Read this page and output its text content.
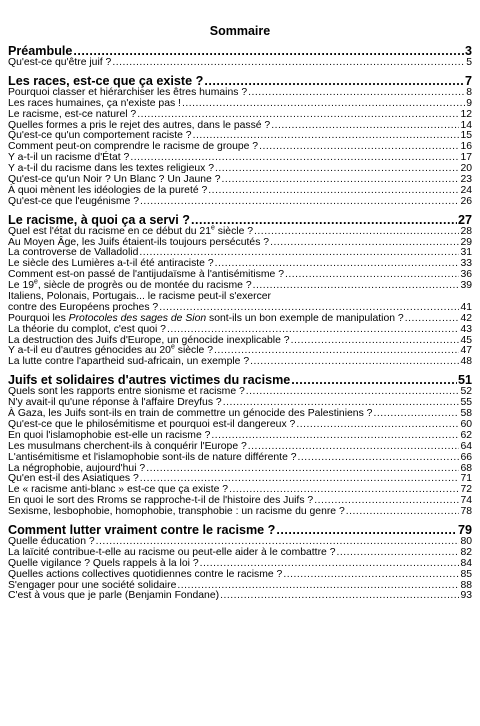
Sommaire
Préambule .....	3
Qu'est-ce qu'être juif ? .....	5
Les races, est-ce que ça existe ? .....	7
Pourquoi classer et hiérarchiser les êtres humains ? .....	8
Les races humaines, ça n'existe pas ! .....	9
Le racisme, est-ce naturel ? .....	12
Quelles formes a pris le rejet des autres, dans le passé ? .....	14
Qu'est-ce qu'un comportement raciste ? .....	15
Comment peut-on comprendre le racisme de groupe ? .....	16
Y a-t-il un racisme d'État ? .....	17
Y a-t-il du racisme dans les textes religieux ? .....	20
Qu'est-ce qu'un Noir ? Un Blanc ? Un Jaune ? .....	23
À quoi mènent les idéologies de la pureté ? .....	24
Qu'est-ce que l'eugénisme ? .....	26
Le racisme, à quoi ça a servi ? .....	27
Quel est l'état du racisme en ce début du 21e siècle ? .....	28
Au Moyen Âge, les Juifs étaient-ils toujours persécutés ? .....	29
La controverse de Valladolid .....	31
Le siècle des Lumières a-t-il été antiraciste ? .....	33
Comment est-on passé de l'antijudaïsme à l'antisémitisme ? .....	36
Le 19e, siècle de progrès ou de montée du racisme ? .....	39
Italiens, Polonais, Portugais... le racisme peut-il s'exercer
contre des Européens proches ? .....	41
Pourquoi les Protocoles des sages de Sion sont-ils un bon exemple de manipulation ? .....	42
La théorie du complot, c'est quoi ? .....	43
La destruction des Juifs d'Europe, un génocide inexplicable ? .....	45
Y a-t-il eu d'autres génocides au 20e siècle ? .....	47
La lutte contre l'apartheid sud-africain, un exemple ? .....	48
Juifs et solidaires d'autres victimes du racisme .....	51
Quels sont les rapports entre sionisme et racisme ? .....	52
N'y avait-il qu'une réponse à l'affaire Dreyfus ? .....	55
À Gaza, les Juifs sont-ils en train de commettre un génocide des Palestiniens ? .....	58
Qu'est-ce que le philosémitisme et pourquoi est-il dangereux ? .....	60
En quoi l'islamophobie est-elle un racisme ? .....	62
Les musulmans cherchent-ils à conquérir l'Europe ? .....	64
L'antisémitisme et l'islamophobie sont-ils de nature différente ? .....	66
La négrophobie, aujourd'hui ? .....	68
Qu'en est-il des Asiatiques ? .....	71
Le « racisme anti-blanc » est-ce que ça existe ? .....	72
En quoi le sort des Rroms se rapproche-t-il de l'histoire des Juifs ? .....	74
Sexisme, lesbophobie, homophobie, transphobie : un racisme du genre ? .....	78
Comment lutter vraiment contre le racisme ? .....	79
Quelle éducation ? .....	80
La laïcité contribue-t-elle au racisme ou peut-elle aider à le combattre ? .....	82
Quelle vigilance ? Quels rappels à la loi ? .....	84
Quelles actions collectives quotidiennes contre le racisme ? .....	85
S'engager pour une société solidaire .....	88
C'est à vous que je parle (Benjamin Fondane) .....	93
